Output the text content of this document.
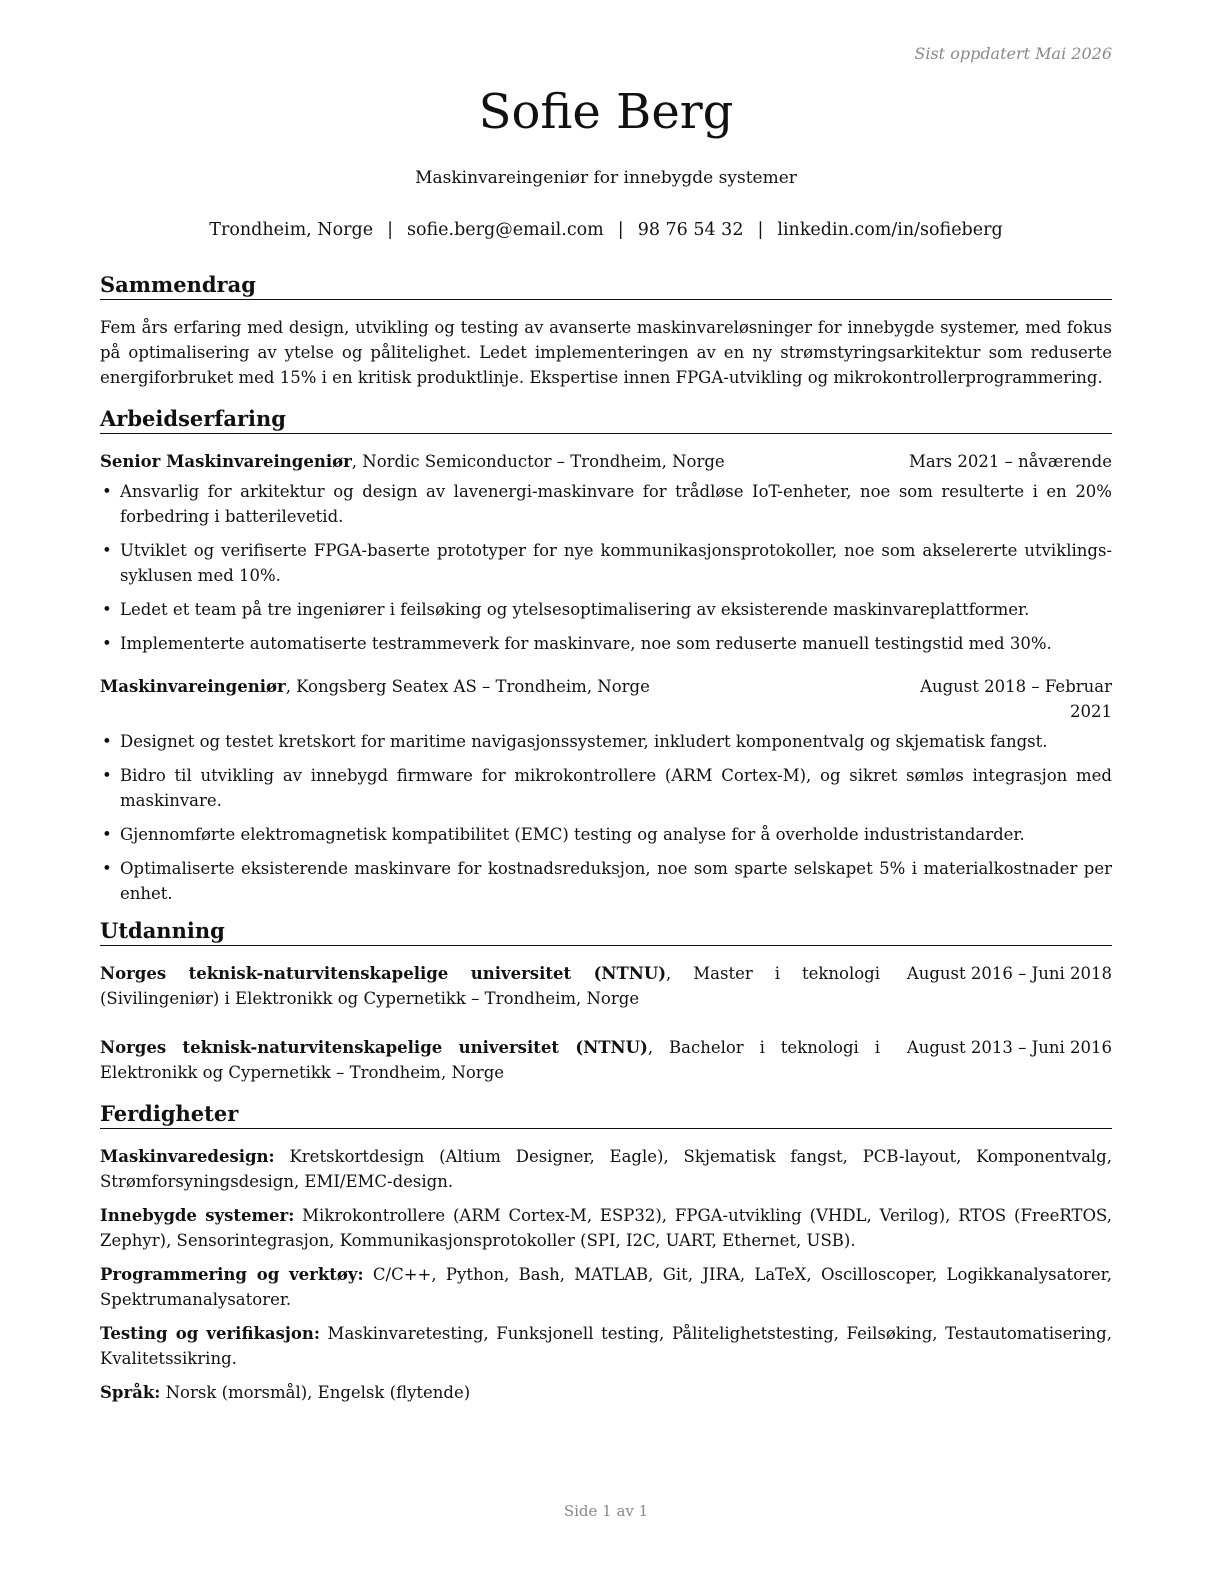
Sist oppdatert Mai 2026
Sofie Berg
Maskinvareingeniør for innebygde systemer
Trondheim, Norge | sofie.berg@email.com | 98 76 54 32 | linkedin.com/in/sofieberg
Sammendrag
Fem års erfaring med design, utvikling og testing av avanserte maskinvareløsninger for innebygde systemer, med fokus på optimalisering av ytelse og pålitelighet. Ledet implementeringen av en ny strømstyringsarkitektur som reduserte energiforbruket med 15% i en kritisk produktlinje. Ekspertise innen FPGA-utvikling og mikrokontrollerprogrammering.
Arbeidserfaring
Senior Maskinvareingeniør, Nordic Semiconductor – Trondheim, Norge	Mars 2021 – nåværende
• Ansvarlig for arkitektur og design av lavenergi-maskinvare for trådløse IoT-enheter, noe som resulterte i en 20% forbedring i batterilevetid.
• Utviklet og verifiserte FPGA-baserte prototyper for nye kommunikasjonsprotokoller, noe som akselererte utviklings-syklusen med 10%.
• Ledet et team på tre ingeniører i feilsøking og ytelsesoptimalisering av eksisterende maskinvareplattformer.
• Implementerte automatiserte testrammeverk for maskinvare, noe som reduserte manuell testingstid med 30%.
Maskinvareingeniør, Kongsberg Seatex AS – Trondheim, Norge	August 2018 – Februar
2021
• Designet og testet kretskort for maritime navigasjonssystemer, inkludert komponentvalg og skjematisk fangst.
• Bidro til utvikling av innebygd firmware for mikrokontrollere (ARM Cortex-M), og sikret sømløs integrasjon med maskinvare.
• Gjennomførte elektromagnetisk kompatibilitet (EMC) testing og analyse for å overholde industristandarder.
• Optimaliserte eksisterende maskinvare for kostnadsreduksjon, noe som sparte selskapet 5% i materialkostnader per enhet.
Utdanning
Norges teknisk-naturvitenskapelige universitet (NTNU), Master i teknologi (Sivilingeniør) i Elektronikk og Cypernetikk – Trondheim, Norge
August 2016 – Juni 2018
Norges teknisk-naturvitenskapelige universitet (NTNU), Bachelor i teknologi i Elektronikk og Cypernetikk – Trondheim, Norge
August 2013 – Juni 2016
Ferdigheter

Maskinvaredesign: Kretskortdesign (Altium Designer, Eagle), Skjematisk fangst, PCB-layout, Komponentvalg, Strømforsyningsdesign, EMI/EMC-design.

Innebygde systemer: Mikrokontrollere (ARM Cortex-M, ESP32), FPGA-utvikling (VHDL, Verilog), RTOS (FreeRTOS, Zephyr), Sensorintegrasjon, Kommunikasjonsprotokoller (SPI, I2C, UART, Ethernet, USB).

Programmering og verktøy: C/C++, Python, Bash, MATLAB, Git, JIRA, LaTeX, Oscilloscoper, Logikkanalysatorer, Spektrumanalysatorer.

Testing og verifikasjon: Maskinvaretesting, Funksjonell testing, Pålitelighetstesting, Feilsøking, Testautomatisering, Kvalitetssikring.

Språk: Norsk (morsmål), Engelsk (flytende)

Side 1 av 1
